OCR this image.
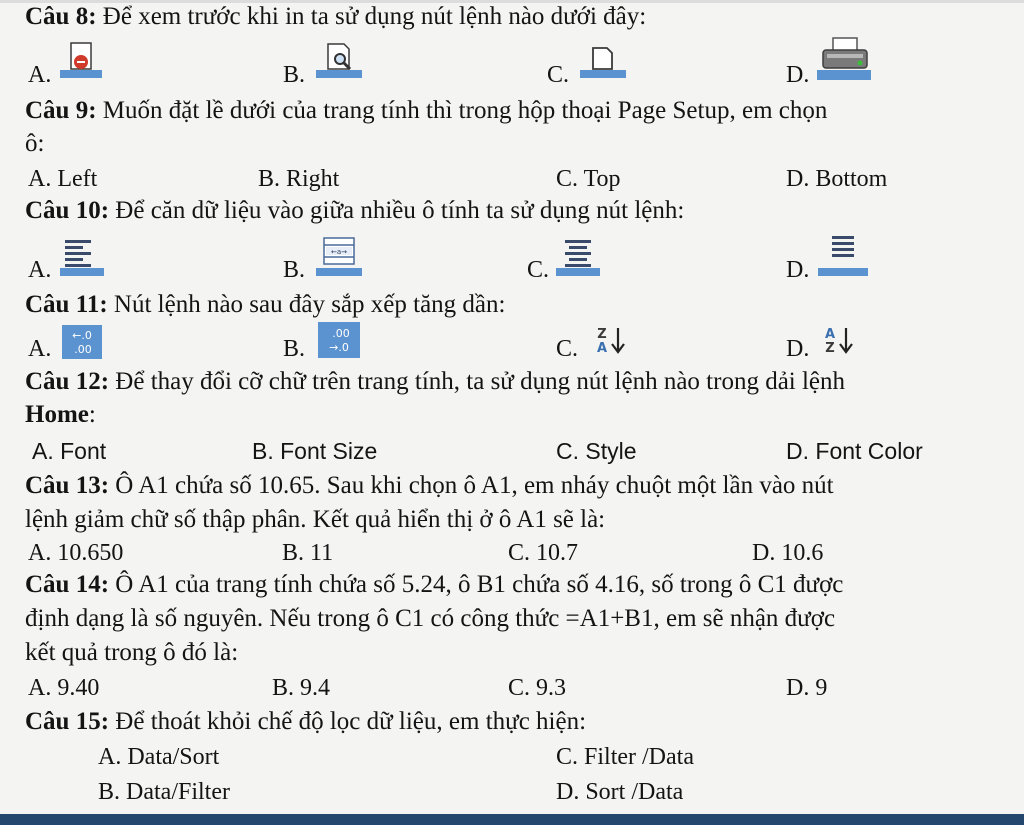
Câu 8: Để xem trước khi in ta sử dụng nút lệnh nào dưới đây:
A.	B.	C.	D.
Câu 9: Muốn đặt lề dưới của trang tính thì trong hộp thoại Page Setup, em chọn
ô:
A. Left	B. Right	C. Top	D. Bottom
Câu 10: Để căn dữ liệu vào giữa nhiều ô tính ta sử dụng nút lệnh:
A.	B.
←a→
C.	D.
Câu 11: Nút lệnh nào sau đây sắp xếp tăng dần:
A.
←.0
.00	B.
.00
→.0	C.
Z
A	D.
A
Z
Câu 12: Để thay đổi cỡ chữ trên trang tính, ta sử dụng nút lệnh nào trong dải lệnh
Home:
A. Font	B. Font Size	C. Style	D. Font Color
Câu 13: Ô A1 chứa số 10.65. Sau khi chọn ô A1, em nháy chuột một lần vào nút
lệnh giảm chữ số thập phân. Kết quả hiển thị ở ô A1 sẽ là:
A. 10.650	B. 11	C. 10.7	D. 10.6
Câu 14: Ô A1 của trang tính chứa số 5.24, ô B1 chứa số 4.16, số trong ô C1 được
định dạng là số nguyên. Nếu trong ô C1 có công thức =A1+B1, em sẽ nhận được
kết quả trong ô đó là:
A. 9.40	B. 9.4	C. 9.3	D. 9
Câu 15: Để thoát khỏi chế độ lọc dữ liệu, em thực hiện:
A. Data/Sort	C. Filter /Data
B. Data/Filter	D. Sort /Data
